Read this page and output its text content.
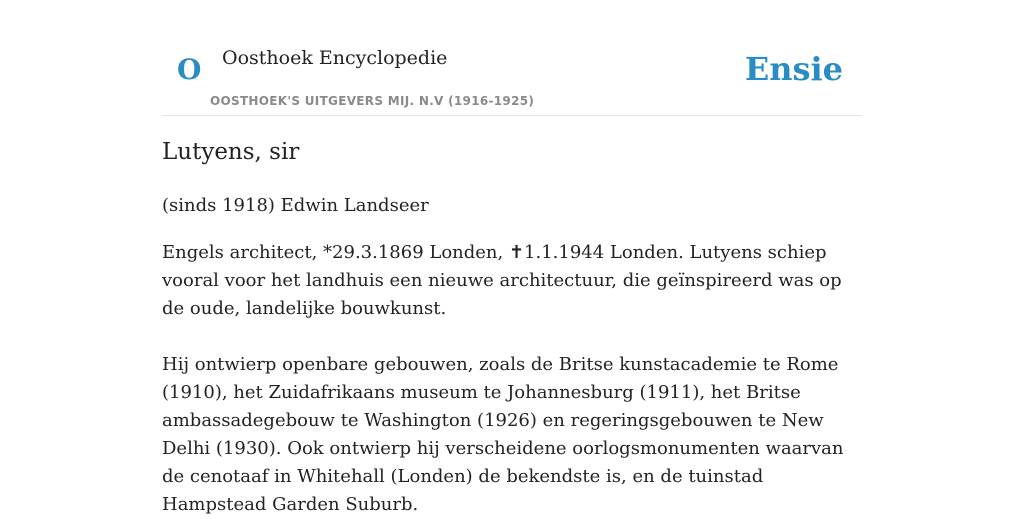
O Oosthoek Encyclopedie
OOSTHOEK'S UITGEVERS MIJ. N.V (1916-1925)
Ensie
Lutyens, sir
(sinds 1918) Edwin Landseer

Engels architect, *29.3.1869 Londen, ✝1.1.1944 Londen. Lutyens schiep vooral voor het landhuis een nieuwe architectuur, die geïnspireerd was op de oude, landelijke bouwkunst.

Hij ontwierp openbare gebouwen, zoals de Britse kunstacademie te Rome (1910), het Zuidafrikaans museum te Johannesburg (1911), het Britse ambassadegebouw te Washington (1926) en regeringsgebouwen te New Delhi (1930). Ook ontwierp hij verscheidene oorlogsmonumenten waarvan de cenotaaf in Whitehall (Londen) de bekendste is, en de tuinstad Hampstead Garden Suburb.
